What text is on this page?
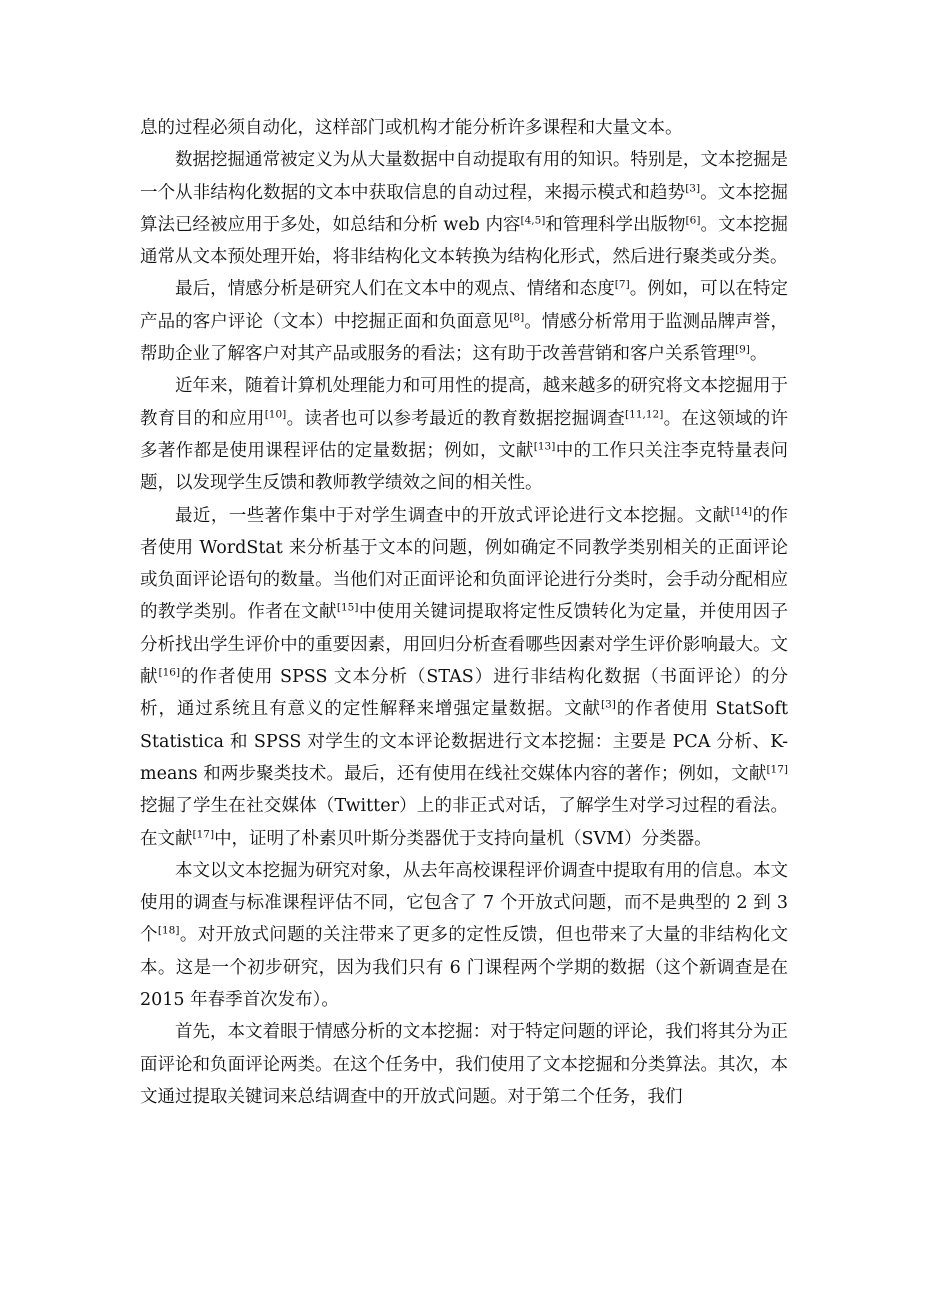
息的过程必须自动化，这样部门或机构才能分析许多课程和大量文本。

数据挖掘通常被定义为从大量数据中自动提取有用的知识。特别是，文本挖掘是一个从非结构化数据的文本中获取信息的自动过程，来揭示模式和趋势[3]。文本挖掘算法已经被应用于多处，如总结和分析 web 内容[4,5]和管理科学出版物[6]。文本挖掘通常从文本预处理开始，将非结构化文本转换为结构化形式，然后进行聚类或分类。

最后，情感分析是研究人们在文本中的观点、情绪和态度[7]。例如，可以在特定产品的客户评论（文本）中挖掘正面和负面意见[8]。情感分析常用于监测品牌声誉，帮助企业了解客户对其产品或服务的看法；这有助于改善营销和客户关系管理[9]。

近年来，随着计算机处理能力和可用性的提高，越来越多的研究将文本挖掘用于教育目的和应用[10]。读者也可以参考最近的教育数据挖掘调查[11,12]。在这领域的许多著作都是使用课程评估的定量数据；例如，文献[13]中的工作只关注李克特量表问题，以发现学生反馈和教师教学绩效之间的相关性。

最近，一些著作集中于对学生调查中的开放式评论进行文本挖掘。文献[14]的作者使用 WordStat 来分析基于文本的问题，例如确定不同教学类别相关的正面评论或负面评论语句的数量。当他们对正面评论和负面评论进行分类时，会手动分配相应的教学类别。作者在文献[15]中使用关键词提取将定性反馈转化为定量，并使用因子分析找出学生评价中的重要因素，用回归分析查看哪些因素对学生评价影响最大。文献[16]的作者使用 SPSS 文本分析（STAS）进行非结构化数据（书面评论）的分析，通过系统且有意义的定性解释来增强定量数据。文献[3]的作者使用 StatSoft Statistica 和 SPSS 对学生的文本评论数据进行文本挖掘：主要是 PCA 分析、K-means 和两步聚类技术。最后，还有使用在线社交媒体内容的著作；例如，文献[17]挖掘了学生在社交媒体（Twitter）上的非正式对话，了解学生对学习过程的看法。在文献[17]中，证明了朴素贝叶斯分类器优于支持向量机（SVM）分类器。

本文以文本挖掘为研究对象，从去年高校课程评价调查中提取有用的信息。本文使用的调查与标准课程评估不同，它包含了 7 个开放式问题，而不是典型的 2 到 3 个[18]。对开放式问题的关注带来了更多的定性反馈，但也带来了大量的非结构化文本。这是一个初步研究，因为我们只有 6 门课程两个学期的数据（这个新调查是在 2015 年春季首次发布）。

首先，本文着眼于情感分析的文本挖掘：对于特定问题的评论，我们将其分为正面评论和负面评论两类。在这个任务中，我们使用了文本挖掘和分类算法。其次，本文通过提取关键词来总结调查中的开放式问题。对于第二个任务，我们
